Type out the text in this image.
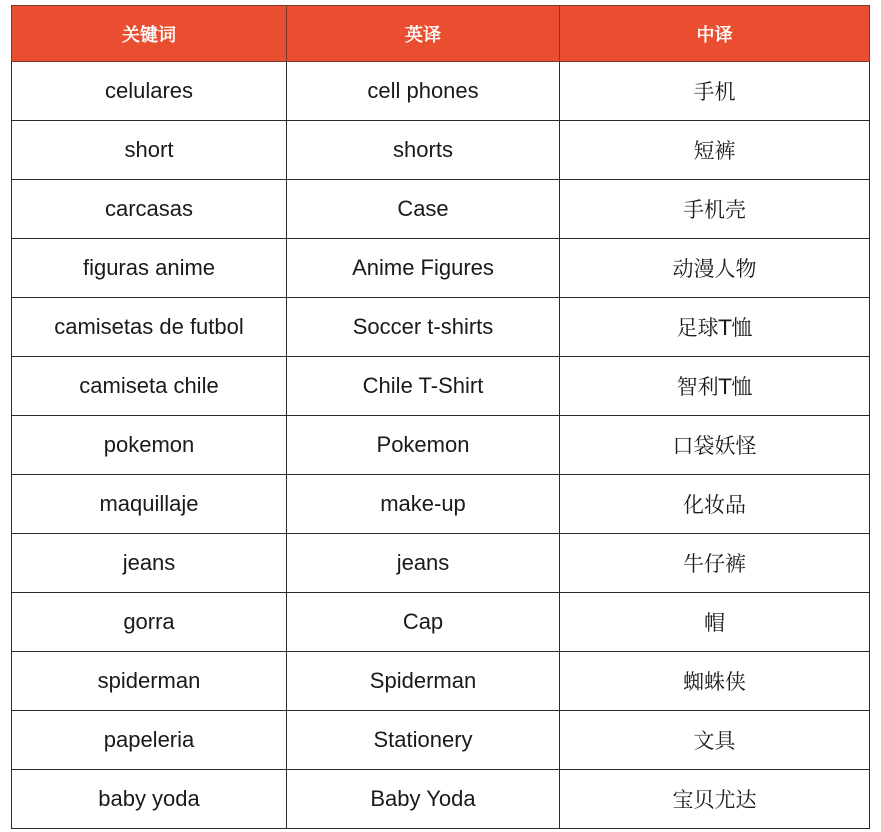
关键词	英译	中译
celulares	cell phones	手机
short	shorts	短裤
carcasas	Case	手机壳
figuras anime	Anime Figures	动漫人物
camisetas de futbol	Soccer t-shirts	足球T恤
camiseta chile	Chile T-Shirt	智利T恤
pokemon	Pokemon	口袋妖怪
maquillaje	make-up	化妆品
jeans	jeans	牛仔裤
gorra	Cap	帽
spiderman	Spiderman	蜘蛛侠
papeleria	Stationery	文具
baby yoda	Baby Yoda	宝贝尤达
